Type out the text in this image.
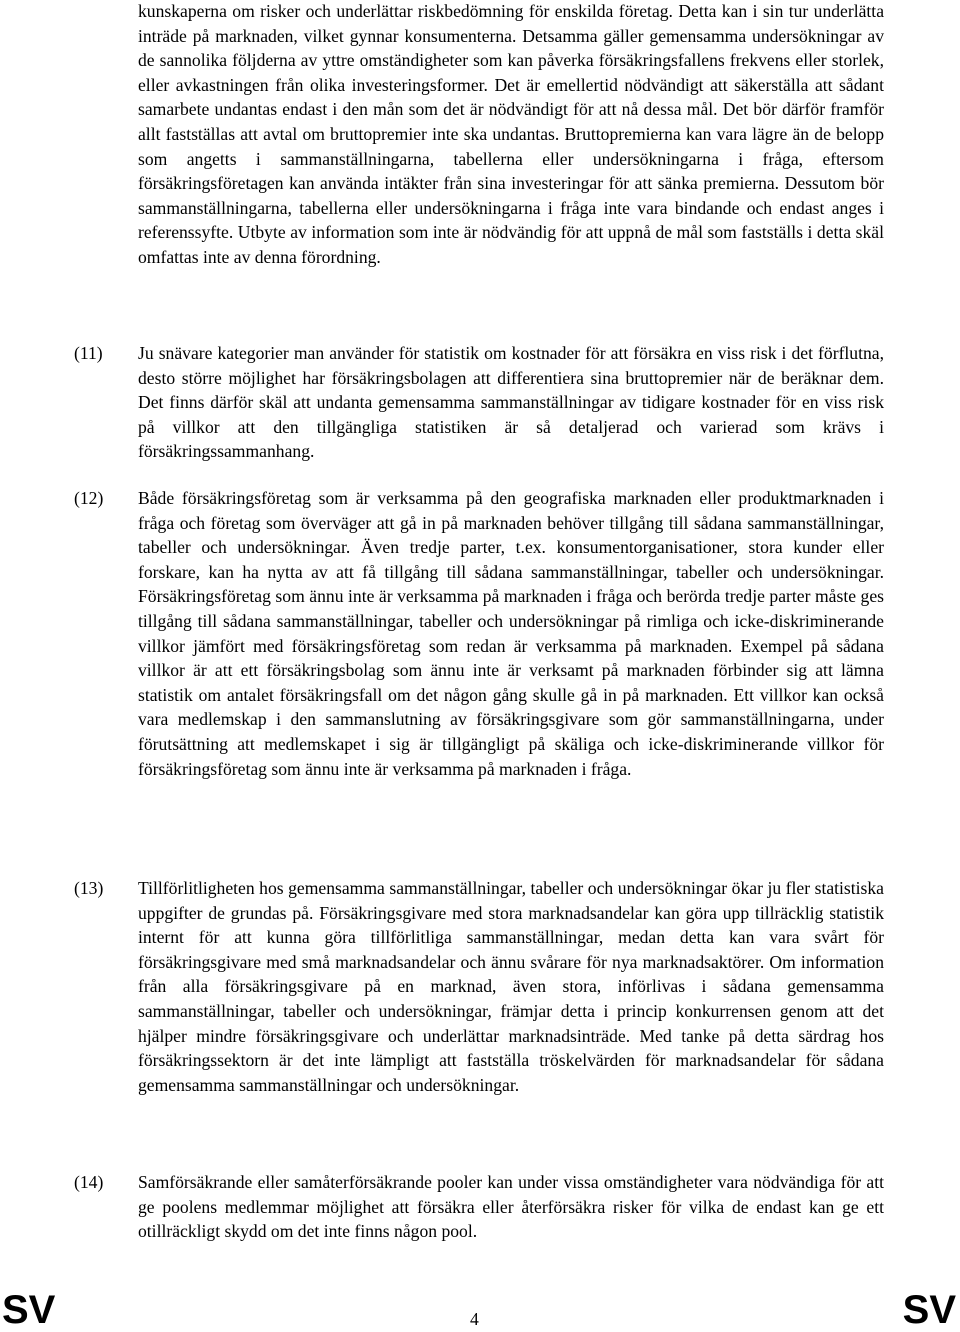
kunskaperna om risker och underlättar riskbedömning för enskilda företag. Detta kan i sin tur underlätta inträde på marknaden, vilket gynnar konsumenterna. Detsamma gäller gemensamma undersökningar av de sannolika följderna av yttre omständigheter som kan påverka försäkringsfallens frekvens eller storlek, eller avkastningen från olika investeringsformer. Det är emellertid nödvändigt att säkerställa att sådant samarbete undantas endast i den mån som det är nödvändigt för att nå dessa mål. Det bör därför framför allt fastställas att avtal om bruttopremier inte ska undantas. Bruttopremierna kan vara lägre än de belopp som angetts i sammanställningarna, tabellerna eller undersökningarna i fråga, eftersom försäkringsföretagen kan använda intäkter från sina investeringar för att sänka premierna. Dessutom bör sammanställningarna, tabellerna eller undersökningarna i fråga inte vara bindande och endast anges i referenssyfte. Utbyte av information som inte är nödvändig för att uppnå de mål som fastställs i detta skäl omfattas inte av denna förordning.

(11) Ju snävare kategorier man använder för statistik om kostnader för att försäkra en viss risk i det förflutna, desto större möjlighet har försäkringsbolagen att differentiera sina bruttopremier när de beräknar dem. Det finns därför skäl att undanta gemensamma sammanställningar av tidigare kostnader för en viss risk på villkor att den tillgängliga statistiken är så detaljerad och varierad som krävs i försäkringssammanhang.

(12) Både försäkringsföretag som är verksamma på den geografiska marknaden eller produktmarknaden i fråga och företag som överväger att gå in på marknaden behöver tillgång till sådana sammanställningar, tabeller och undersökningar. Även tredje parter, t.ex. konsumentorganisationer, stora kunder eller forskare, kan ha nytta av att få tillgång till sådana sammanställningar, tabeller och undersökningar. Försäkringsföretag som ännu inte är verksamma på marknaden i fråga och berörda tredje parter måste ges tillgång till sådana sammanställningar, tabeller och undersökningar på rimliga och icke-diskriminerande villkor jämfört med försäkringsföretag som redan är verksamma på marknaden. Exempel på sådana villkor är att ett försäkringsbolag som ännu inte är verksamt på marknaden förbinder sig att lämna statistik om antalet försäkringsfall om det någon gång skulle gå in på marknaden. Ett villkor kan också vara medlemskap i den sammanslutning av försäkringsgivare som gör sammanställningarna, under förutsättning att medlemskapet i sig är tillgängligt på skäliga och icke-diskriminerande villkor för försäkringsföretag som ännu inte är verksamma på marknaden i fråga.

(13) Tillförlitligheten hos gemensamma sammanställningar, tabeller och undersökningar ökar ju fler statistiska uppgifter de grundas på. Försäkringsgivare med stora marknadsandelar kan göra upp tillräcklig statistik internt för att kunna göra tillförlitliga sammanställningar, medan detta kan vara svårt för försäkringsgivare med små marknadsandelar och ännu svårare för nya marknadsaktörer. Om information från alla försäkringsgivare på en marknad, även stora, införlivas i sådana gemensamma sammanställningar, tabeller och undersökningar, främjar detta i princip konkurrensen genom att det hjälper mindre försäkringsgivare och underlättar marknadsinträde. Med tanke på detta särdrag hos försäkringssektorn är det inte lämpligt att fastställa tröskelvärden för marknadsandelar för sådana gemensamma sammanställningar och undersökningar.

(14) Samförsäkrande eller samåterförsäkrande pooler kan under vissa omständigheter vara nödvändiga för att ge poolens medlemmar möjlighet att försäkra eller återförsäkra risker för vilka de endast kan ge ett otillräckligt skydd om det inte finns någon pool.

SV	4	SV
